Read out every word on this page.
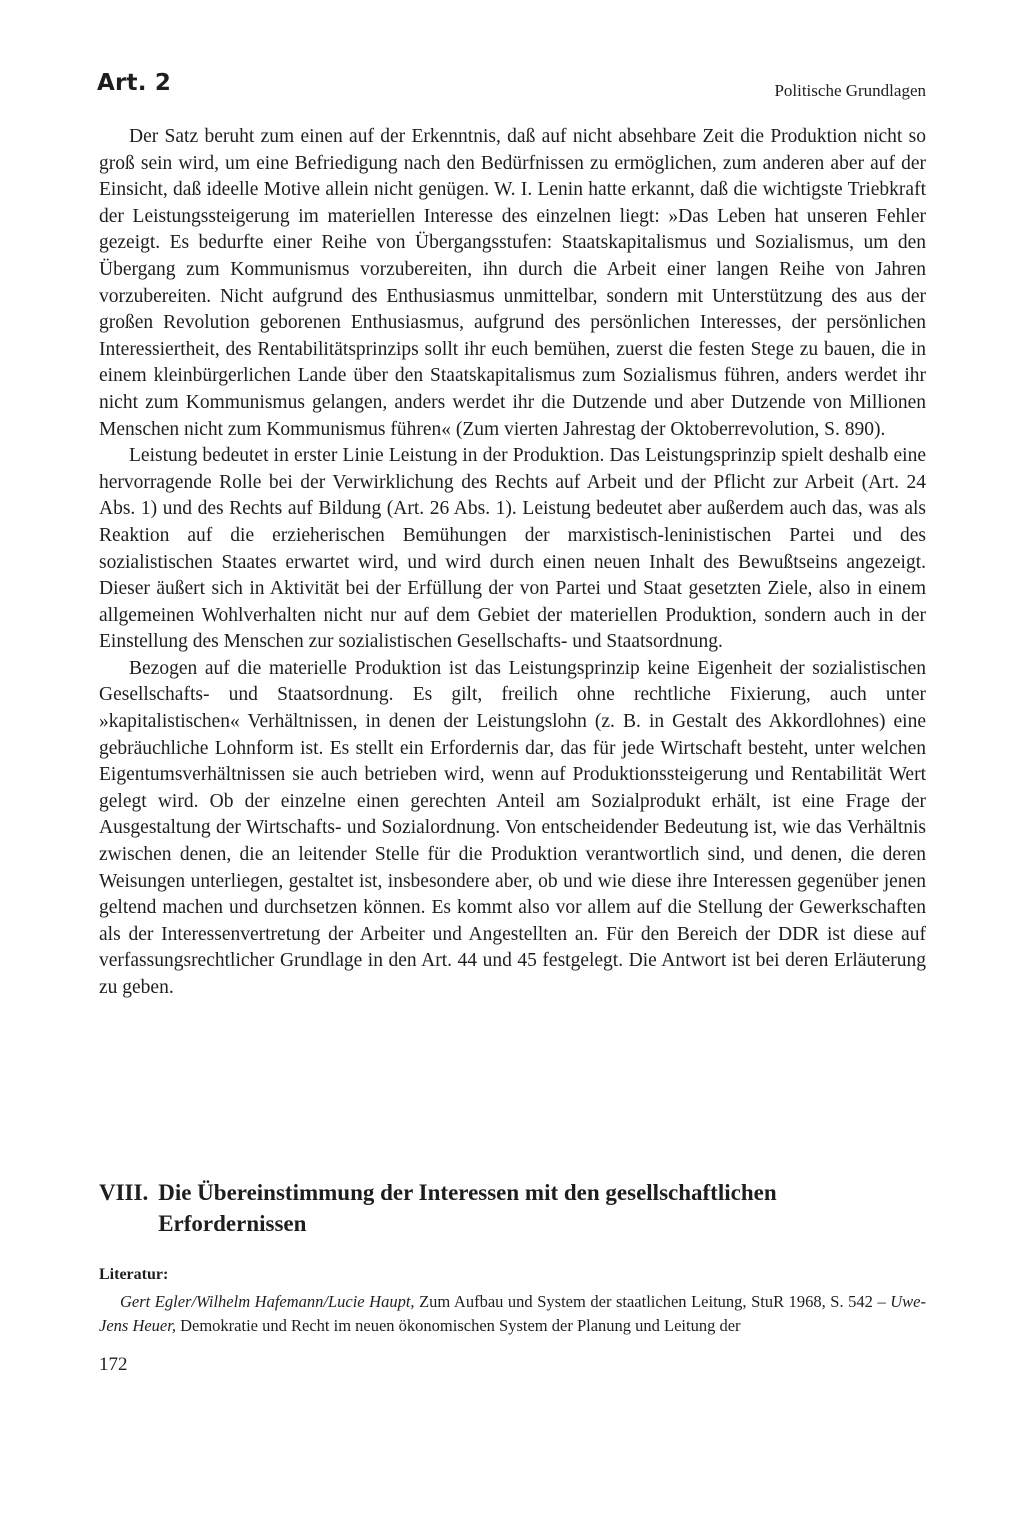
Art. 2	Politische Grundlagen

Der Satz beruht zum einen auf der Erkenntnis, daß auf nicht absehbare Zeit die Produktion nicht so groß sein wird, um eine Befriedigung nach den Bedürfnissen zu ermöglichen, zum anderen aber auf der Einsicht, daß ideelle Motive allein nicht genügen. W. I. Lenin hatte erkannt, daß die wichtigste Triebkraft der Leistungssteigerung im materiellen Interesse des einzelnen liegt: »Das Leben hat unseren Fehler gezeigt. Es bedurfte einer Reihe von Übergangsstufen: Staatskapitalismus und Sozialismus, um den Übergang zum Kommunismus vorzubereiten, ihn durch die Arbeit einer langen Reihe von Jahren vorzubereiten. Nicht aufgrund des Enthusiasmus unmittelbar, sondern mit Unterstützung des aus der großen Revolution geborenen Enthusiasmus, aufgrund des persönlichen Interesses, der persönlichen Interessiertheit, des Rentabilitätsprinzips sollt ihr euch bemühen, zuerst die festen Stege zu bauen, die in einem kleinbürgerlichen Lande über den Staatskapitalismus zum Sozialismus führen, anders werdet ihr nicht zum Kommunismus gelangen, anders werdet ihr die Dutzende und aber Dutzende von Millionen Menschen nicht zum Kommunismus führen« (Zum vierten Jahrestag der Oktoberrevolution, S. 890).

Leistung bedeutet in erster Linie Leistung in der Produktion. Das Leistungsprinzip spielt deshalb eine hervorragende Rolle bei der Verwirklichung des Rechts auf Arbeit und der Pflicht zur Arbeit (Art. 24 Abs. 1) und des Rechts auf Bildung (Art. 26 Abs. 1). Leistung bedeutet aber außerdem auch das, was als Reaktion auf die erzieherischen Bemühungen der marxistisch-leninistischen Partei und des sozialistischen Staates erwartet wird, und wird durch einen neuen Inhalt des Bewußtseins angezeigt. Dieser äußert sich in Aktivität bei der Erfüllung der von Partei und Staat gesetzten Ziele, also in einem allgemeinen Wohlverhalten nicht nur auf dem Gebiet der materiellen Produktion, sondern auch in der Einstellung des Menschen zur sozialistischen Gesellschafts- und Staatsordnung.

Bezogen auf die materielle Produktion ist das Leistungsprinzip keine Eigenheit der sozialistischen Gesellschafts- und Staatsordnung. Es gilt, freilich ohne rechtliche Fixierung, auch unter »kapitalistischen« Verhältnissen, in denen der Leistungslohn (z. B. in Gestalt des Akkordlohnes) eine gebräuchliche Lohnform ist. Es stellt ein Erfordernis dar, das für jede Wirtschaft besteht, unter welchen Eigentumsverhältnissen sie auch betrieben wird, wenn auf Produktionssteigerung und Rentabilität Wert gelegt wird. Ob der einzelne einen gerechten Anteil am Sozialprodukt erhält, ist eine Frage der Ausgestaltung der Wirtschafts- und Sozialordnung. Von entscheidender Bedeutung ist, wie das Verhältnis zwischen denen, die an leitender Stelle für die Produktion verantwortlich sind, und denen, die deren Weisungen unterliegen, gestaltet ist, insbesondere aber, ob und wie diese ihre Interessen gegenüber jenen geltend machen und durchsetzen können. Es kommt also vor allem auf die Stellung der Gewerkschaften als der Interessenvertretung der Arbeiter und Angestellten an. Für den Bereich der DDR ist diese auf verfassungsrechtlicher Grundlage in den Art. 44 und 45 festgelegt. Die Antwort ist bei deren Erläuterung zu geben.

VIII. Die Übereinstimmung der Interessen mit den gesellschaftlichen Erfordernissen
Literatur:

Gert Egler/Wilhelm Hafemann/Lucie Haupt, Zum Aufbau und System der staatlichen Leitung, StuR 1968, S. 542 – Uwe-Jens Heuer, Demokratie und Recht im neuen ökonomischen System der Planung und Leitung der

172
